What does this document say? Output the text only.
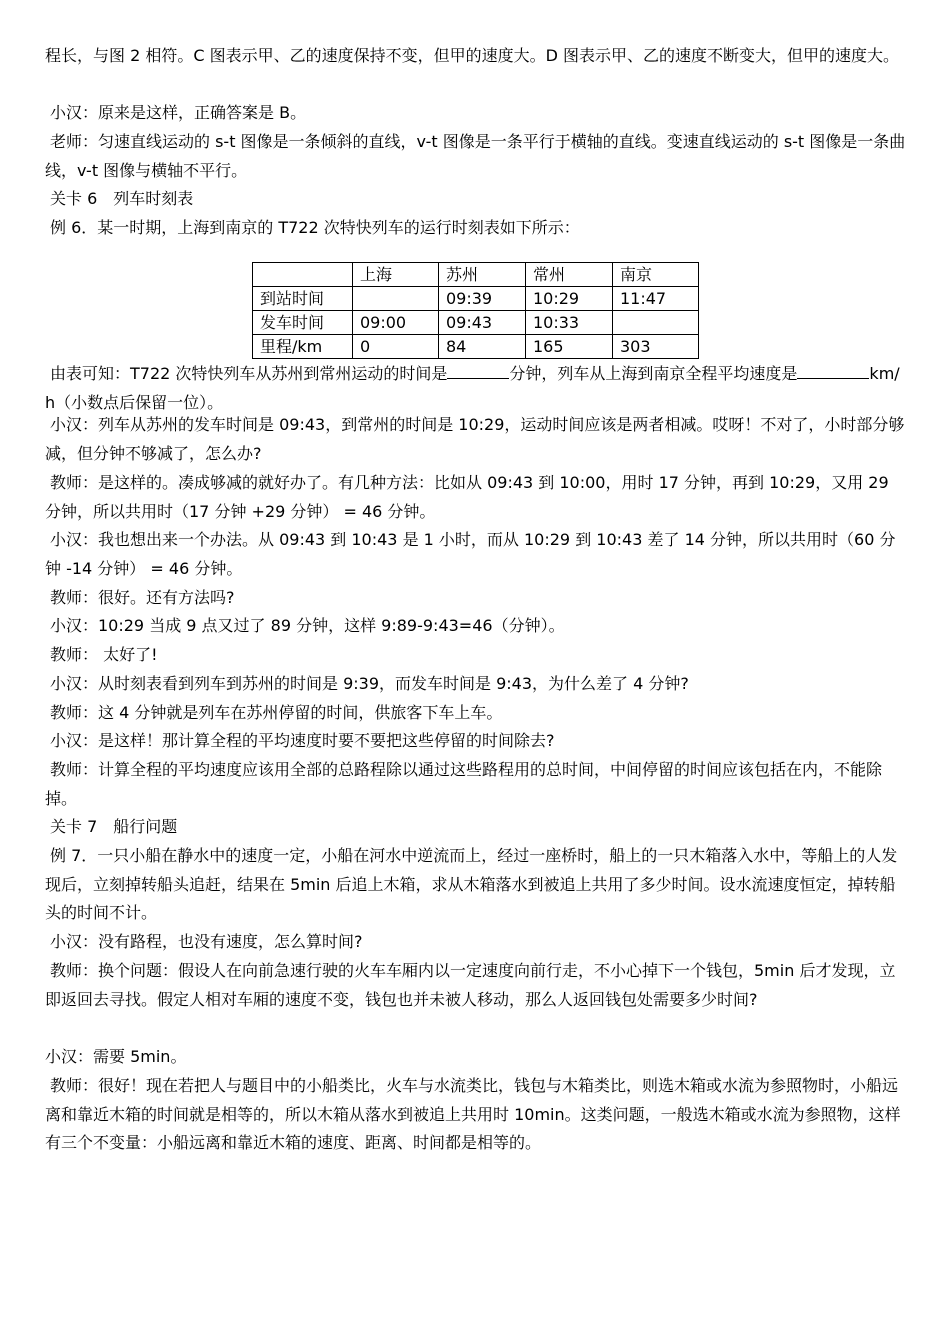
程长，与图 2 相符。C 图表示甲、乙的速度保持不变，但甲的速度大。D 图表示甲、乙的速度不断变大，但甲的速度大。

小汉：原来是这样，正确答案是 B。

老师：匀速直线运动的 s-t 图像是一条倾斜的直线，v-t 图像是一条平行于横轴的直线。变速直线运动的 s-t 图像是一条曲线，v-t 图像与横轴不平行。

关卡 6　列车时刻表

例 6．某一时期，上海到南京的 T722 次特快列车的运行时刻表如下所示：

	上海	苏州	常州	南京
到站时间		09:39	10:29	11:47
发车时间	09:00	09:43	10:33	
里程/km	0	84	165	303

由表可知：T722 次特快列车从苏州到常州运动的时间是	分钟，列车从上海到南京全程平均速度是	km/h（小数点后保留一位）。

小汉：列车从苏州的发车时间是 09:43，到常州的时间是 10:29，运动时间应该是两者相减。哎呀！不对了，小时部分够减，但分钟不够减了，怎么办?

教师：是这样的。凑成够减的就好办了。有几种方法：比如从 09:43 到 10:00，用时 17 分钟，再到 10:29，又用 29 分钟，所以共用时（17 分钟 +29 分钟） = 46 分钟。

小汉：我也想出来一个办法。从 09:43 到 10:43 是 1 小时，而从 10:29 到 10:43 差了 14 分钟，所以共用时（60 分钟 -14 分钟） = 46 分钟。

教师：很好。还有方法吗?

小汉：10:29 当成 9 点又过了 89 分钟，这样 9:89-9:43=46（分钟）。

教师： 太好了!

小汉：从时刻表看到列车到苏州的时间是 9:39，而发车时间是 9:43，为什么差了 4 分钟?

教师：这 4 分钟就是列车在苏州停留的时间，供旅客下车上车。

小汉：是这样！那计算全程的平均速度时要不要把这些停留的时间除去?

教师：计算全程的平均速度应该用全部的总路程除以通过这些路程用的总时间，中间停留的时间应该包括在内，不能除掉。

关卡 7　船行问题

例 7．一只小船在静水中的速度一定，小船在河水中逆流而上，经过一座桥时，船上的一只木箱落入水中，等船上的人发现后，立刻掉转船头追赶，结果在 5min 后追上木箱，求从木箱落水到被追上共用了多少时间。设水流速度恒定，掉转船头的时间不计。

小汉：没有路程，也没有速度，怎么算时间?

教师：换个问题：假设人在向前急速行驶的火车车厢内以一定速度向前行走，不小心掉下一个钱包，5min 后才发现，立即返回去寻找。假定人相对车厢的速度不变，钱包也并未被人移动，那么人返回钱包处需要多少时间?

小汉：需要 5min。

教师：很好！现在若把人与题目中的小船类比，火车与水流类比，钱包与木箱类比，则选木箱或水流为参照物时，小船远离和靠近木箱的时间就是相等的，所以木箱从落水到被追上共用时 10min。这类问题，一般选木箱或水流为参照物，这样有三个不变量：小船远离和靠近木箱的速度、距离、时间都是相等的。
